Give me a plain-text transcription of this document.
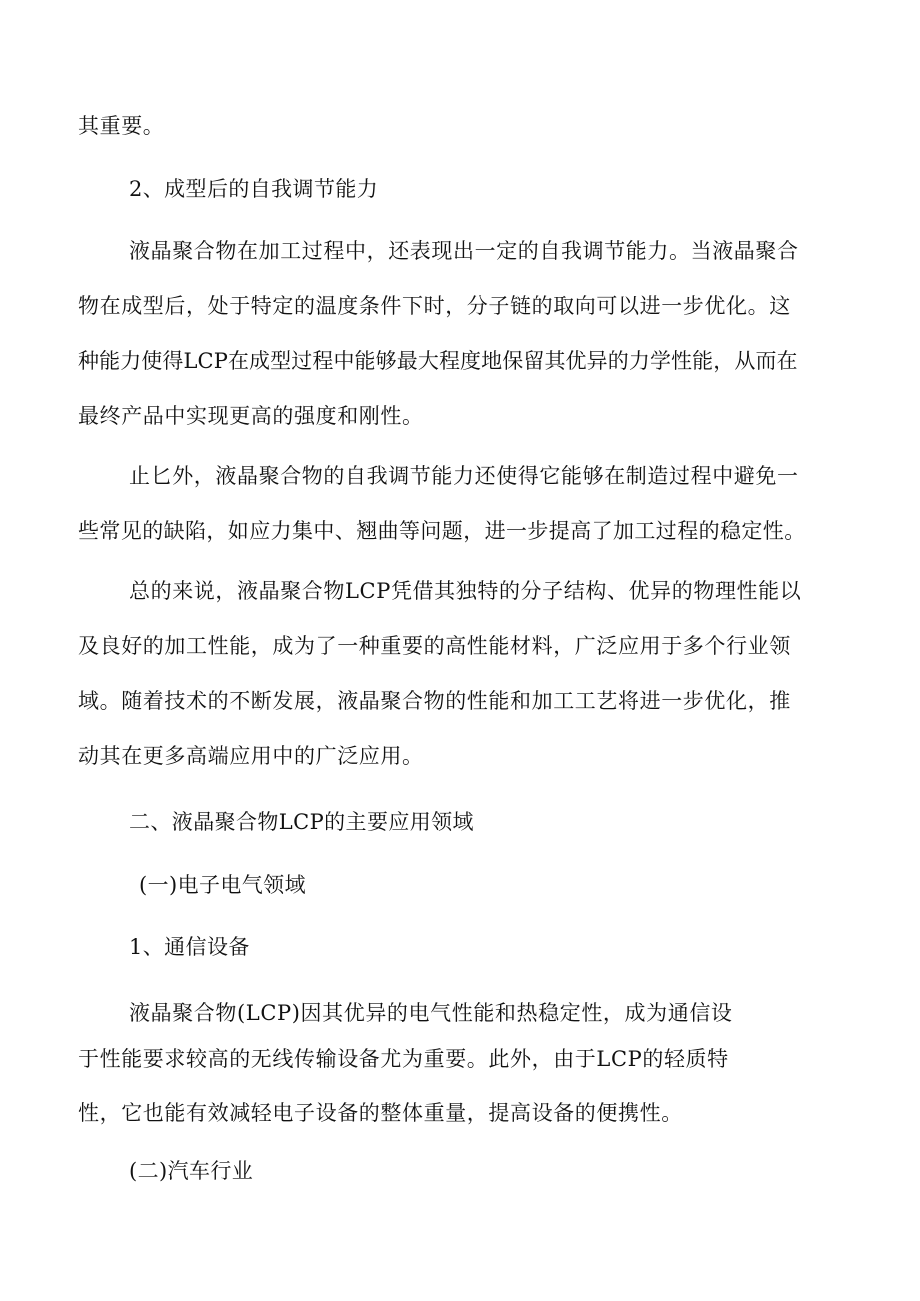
其重要。
2、成型后的自我调节能力
液晶聚合物在加工过程中，还表现出一定的自我调节能力。当液晶聚合
物在成型后，处于特定的温度条件下时，分子链的取向可以进一步优化。这
种能力使得LCP在成型过程中能够最大程度地保留其优异的力学性能，从而在
最终产品中实现更高的强度和刚性。
止匕外，液晶聚合物的自我调节能力还使得它能够在制造过程中避免一
些常见的缺陷，如应力集中、翘曲等问题，进一步提高了加工过程的稳定性。
总的来说，液晶聚合物LCP凭借其独特的分子结构、优异的物理性能以
及良好的加工性能，成为了一种重要的高性能材料，广泛应用于多个行业领
域。随着技术的不断发展，液晶聚合物的性能和加工工艺将进一步优化，推
动其在更多高端应用中的广泛应用。
二、液晶聚合物LCP的主要应用领域
(一)电子电气领域
1、通信设备
液晶聚合物(LCP)因其优异的电气性能和热稳定性，成为通信设
于性能要求较高的无线传输设备尤为重要。此外，由于LCP的轻质特
性，它也能有效减轻电子设备的整体重量，提高设备的便携性。
(二)汽车行业
